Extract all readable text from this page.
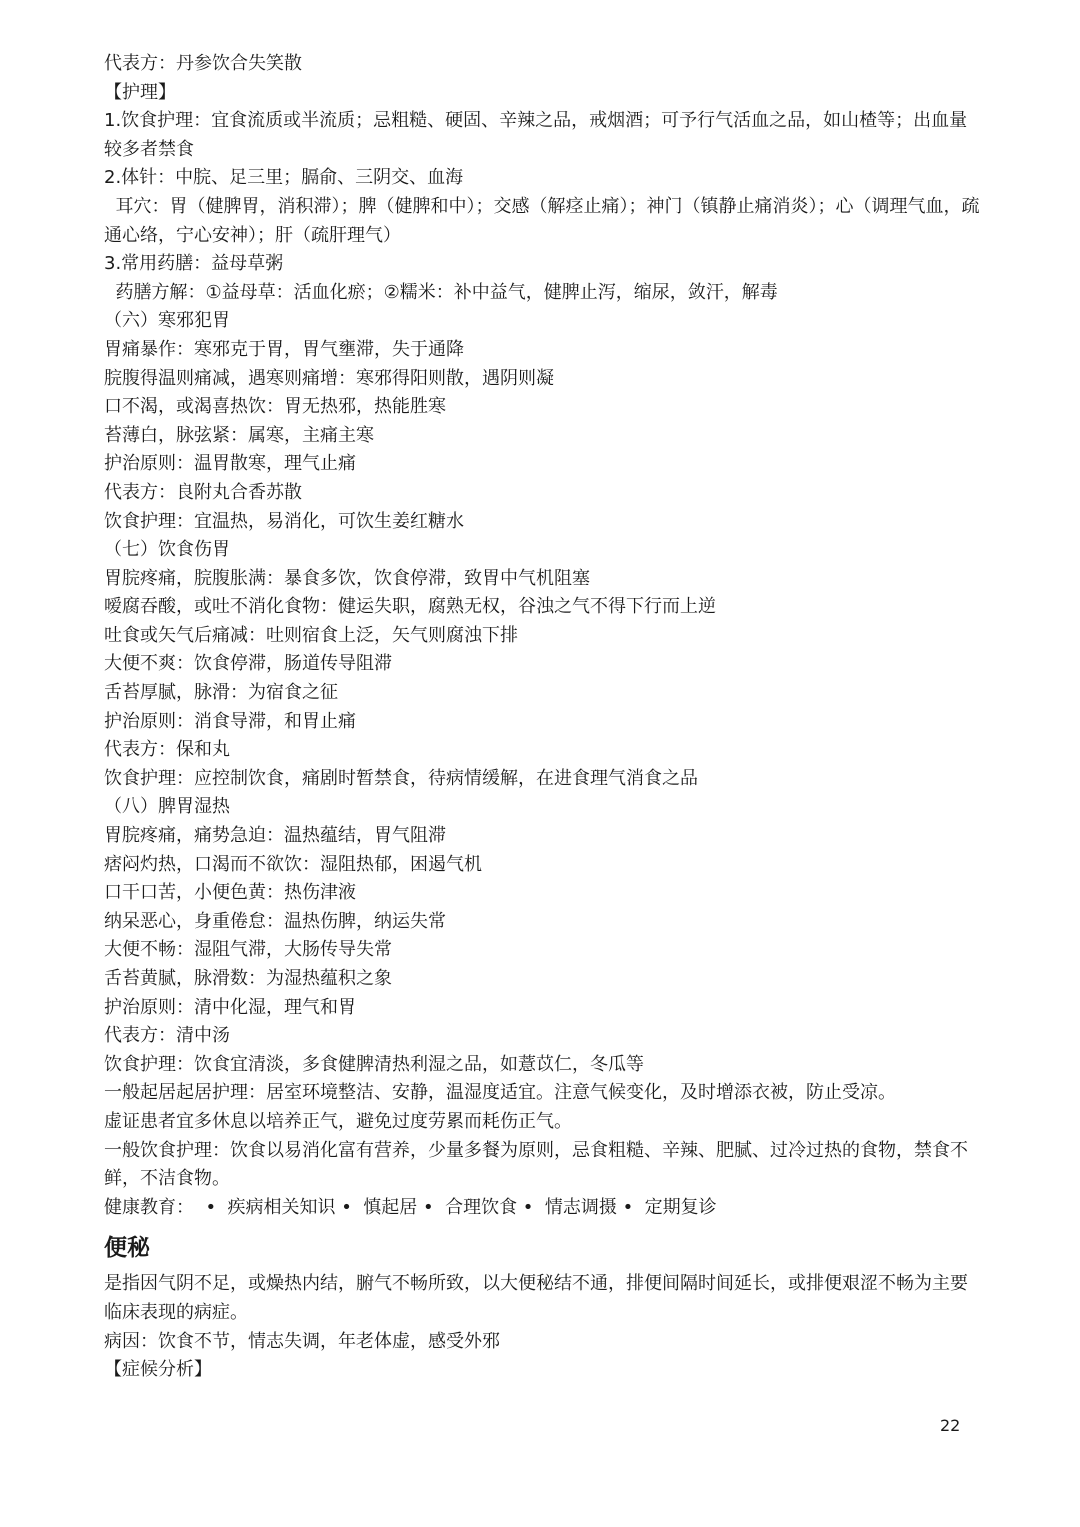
代表方：丹参饮合失笑散
【护理】
1.饮食护理：宜食流质或半流质；忌粗糙、硬固、辛辣之品，戒烟酒；可予行气活血之品，如山楂等；出血量较多者禁食
2.体针：中脘、足三里；膈俞、三阴交、血海
耳穴：胃（健脾胃，消积滞）；脾（健脾和中）；交感（解痉止痛）；神门（镇静止痛消炎）；心（调理气血，疏通心络，宁心安神）；肝（疏肝理气）
3.常用药膳：益母草粥
药膳方解：①益母草：活血化瘀；②糯米：补中益气，健脾止泻，缩尿，敛汗，解毒
（六）寒邪犯胃
胃痛暴作：寒邪克于胃，胃气壅滞，失于通降
脘腹得温则痛减，遇寒则痛增：寒邪得阳则散，遇阴则凝
口不渴，或渴喜热饮：胃无热邪，热能胜寒
苔薄白，脉弦紧：属寒，主痛主寒
护治原则：温胃散寒，理气止痛
代表方：良附丸合香苏散
饮食护理：宜温热，易消化，可饮生姜红糖水
（七）饮食伤胃
胃脘疼痛，脘腹胀满：暴食多饮，饮食停滞，致胃中气机阻塞
嗳腐吞酸，或吐不消化食物：健运失职，腐熟无权，谷浊之气不得下行而上逆
吐食或矢气后痛减：吐则宿食上泛，矢气则腐浊下排
大便不爽：饮食停滞，肠道传导阻滞
舌苔厚腻，脉滑：为宿食之征
护治原则：消食导滞，和胃止痛
代表方：保和丸
饮食护理：应控制饮食，痛剧时暂禁食，待病情缓解，在进食理气消食之品
（八）脾胃湿热
胃脘疼痛，痛势急迫：温热蕴结，胃气阻滞
痞闷灼热，口渴而不欲饮：湿阻热郁，困遏气机
口干口苦，小便色黄：热伤津液
纳呆恶心，身重倦怠：温热伤脾，纳运失常
大便不畅：湿阻气滞，大肠传导失常
舌苔黄腻，脉滑数：为湿热蕴积之象
护治原则：清中化湿，理气和胃
代表方：清中汤
饮食护理：饮食宜清淡，多食健脾清热利湿之品，如薏苡仁，冬瓜等
一般起居起居护理：居室环境整洁、安静，温湿度适宜。注意气候变化，及时增添衣被，防止受凉。
虚证患者宜多休息以培养正气，避免过度劳累而耗伤正气。
一般饮食护理：饮食以易消化富有营养，少量多餐为原则，忌食粗糙、辛辣、肥腻、过冷过热的食物，禁食不鲜，不洁食物。
健康教育：  •  疾病相关知识 •  慎起居 •  合理饮食 •  情志调摄 •  定期复诊
便秘
是指因气阴不足，或燥热内结，腑气不畅所致，以大便秘结不通，排便间隔时间延长，或排便艰涩不畅为主要临床表现的病症。
病因：饮食不节，情志失调，年老体虚，感受外邪
【症候分析】
22
